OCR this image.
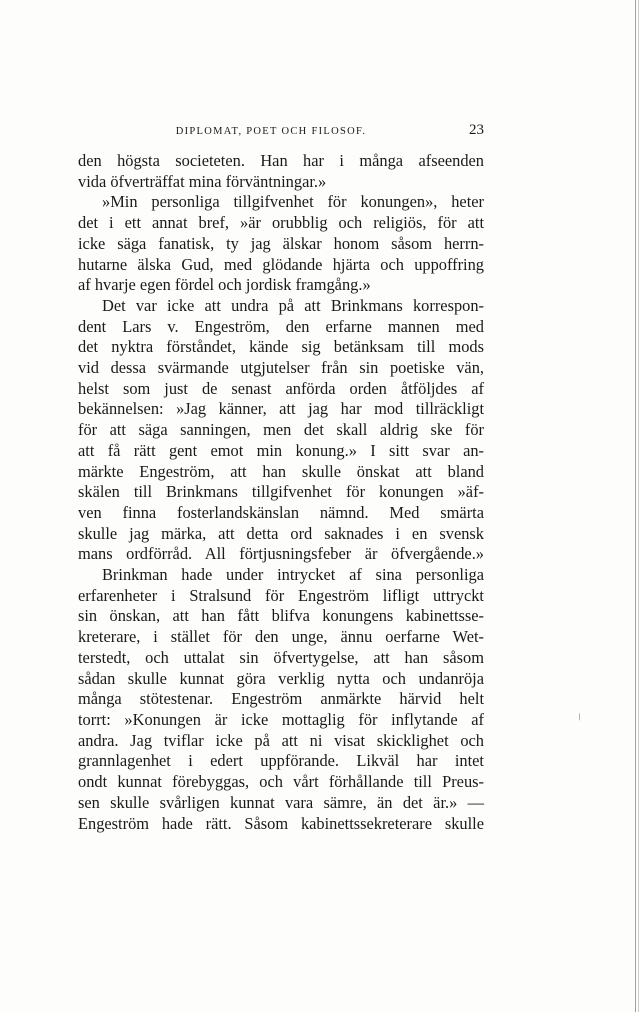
DIPLOMAT, POET OCH FILOSOF.	23
den högsta societeten. Han har i många afseenden
vida öfverträffat mina förväntningar.»
»Min personliga tillgifvenhet för konungen», heter
det i ett annat bref, »är orubblig och religiös, för att
icke säga fanatisk, ty jag älskar honom såsom herrn-
hutarne älska Gud, med glödande hjärta och uppoffring
af hvarje egen fördel och jordisk framgång.»
Det var icke att undra på att Brinkmans korrespon-
dent Lars v. Engeström, den erfarne mannen med
det nyktra förståndet, kände sig betänksam till mods
vid dessa svärmande utgjutelser från sin poetiske vän,
helst som just de senast anförda orden åtföljdes af
bekännelsen: »Jag känner, att jag har mod tillräckligt
för att säga sanningen, men det skall aldrig ske för
att få rätt gent emot min konung.» I sitt svar an-
märkte Engeström, att han skulle önskat att bland
skälen till Brinkmans tillgifvenhet för konungen »äf-
ven finna fosterlandskänslan nämnd. Med smärta
skulle jag märka, att detta ord saknades i en svensk
mans ordförråd. All förtjusningsfeber är öfvergående.»
Brinkman hade under intrycket af sina personliga
erfarenheter i Stralsund för Engeström lifligt uttryckt
sin önskan, att han fått blifva konungens kabinettsse-
kreterare, i stället för den unge, ännu oerfarne Wet-
terstedt, och uttalat sin öfvertygelse, att han såsom
sådan skulle kunnat göra verklig nytta och undanröja
många stötestenar. Engeström anmärkte härvid helt
torrt: »Konungen är icke mottaglig för inflytande af
andra. Jag tviflar icke på att ni visat skicklighet och
grannlagenhet i edert uppförande. Likväl har intet
ondt kunnat förebyggas, och vårt förhållande till Preus-
sen skulle svårligen kunnat vara sämre, än det är.» —
Engeström hade rätt. Såsom kabinettssekreterare skulle
\
